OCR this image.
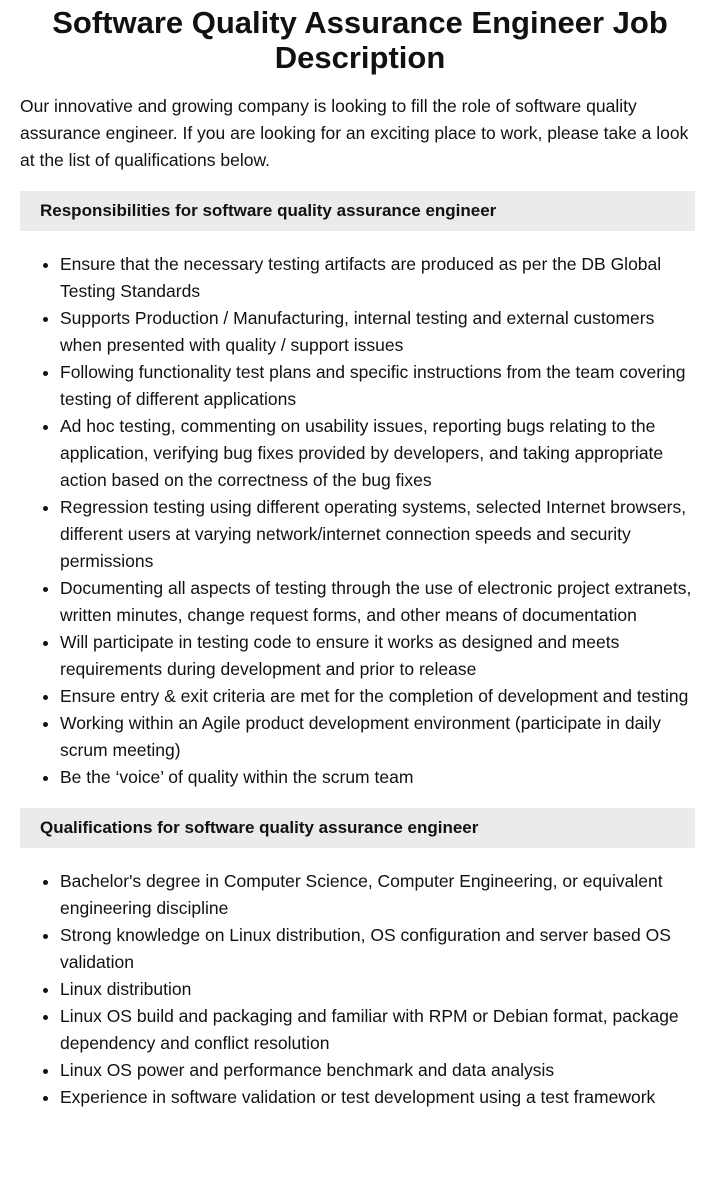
Software Quality Assurance Engineer Job Description

Our innovative and growing company is looking to fill the role of software quality assurance engineer. If you are looking for an exciting place to work, please take a look at the list of qualifications below.

Responsibilities for software quality assurance engineer
• Ensure that the necessary testing artifacts are produced as per the DB Global Testing Standards
• Supports Production / Manufacturing, internal testing and external customers when presented with quality / support issues
• Following functionality test plans and specific instructions from the team covering testing of different applications
• Ad hoc testing, commenting on usability issues, reporting bugs relating to the application, verifying bug fixes provided by developers, and taking appropriate action based on the correctness of the bug fixes
• Regression testing using different operating systems, selected Internet browsers, different users at varying network/internet connection speeds and security permissions
• Documenting all aspects of testing through the use of electronic project extranets, written minutes, change request forms, and other means of documentation
• Will participate in testing code to ensure it works as designed and meets requirements during development and prior to release
• Ensure entry & exit criteria are met for the completion of development and testing
• Working within an Agile product development environment (participate in daily scrum meeting)
• Be the ‘voice’ of quality within the scrum team
Qualifications for software quality assurance engineer
• Bachelor's degree in Computer Science, Computer Engineering, or equivalent engineering discipline
• Strong knowledge on Linux distribution, OS configuration and server based OS validation
• Linux distribution
• Linux OS build and packaging and familiar with RPM or Debian format, package dependency and conflict resolution
• Linux OS power and performance benchmark and data analysis
• Experience in software validation or test development using a test framework
